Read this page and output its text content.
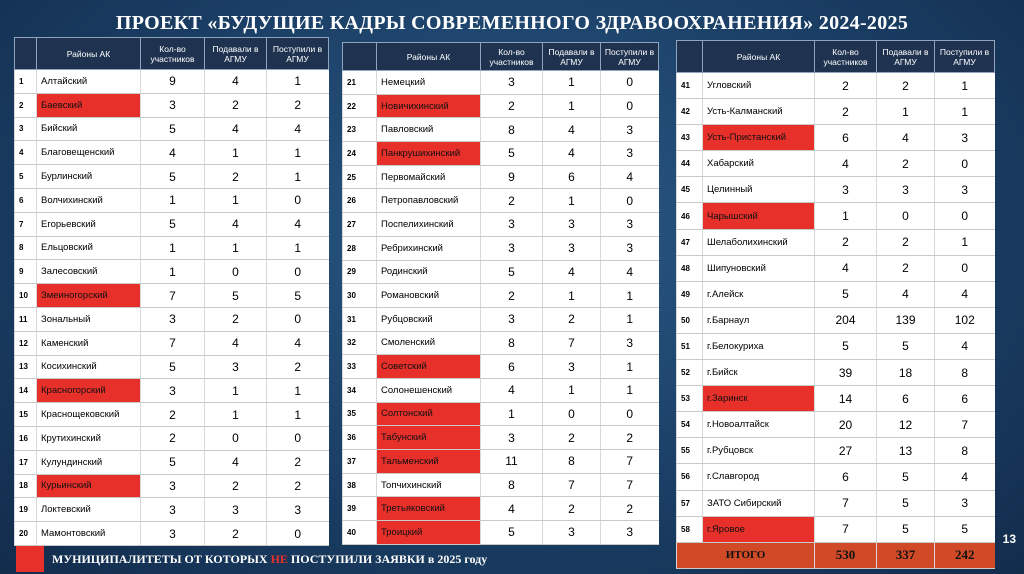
ПРОЕКТ «БУДУЩИЕ КАДРЫ СОВРЕМЕННОГО ЗДРАВООХРАНЕНИЯ» 2024-2025
	Районы АК	Кол-во участников	Подавали в АГМУ	Поступили в АГМУ
1	Алтайский	9	4	1
2	Баевский	3	2	2
3	Бийский	5	4	4
4	Благовещенский	4	1	1
5	Бурлинский	5	2	1
6	Волчихинский	1	1	0
7	Егорьевский	5	4	4
8	Ельцовский	1	1	1
9	Залесовский	1	0	0
10	Змеиногорский	7	5	5
11	Зональный	3	2	0
12	Каменский	7	4	4
13	Косихинский	5	3	2
14	Красногорский	3	1	1
15	Краснощековский	2	1	1
16	Крутихинский	2	0	0
17	Кулундинский	5	4	2
18	Курьинский	3	2	2
19	Локтевский	3	3	3
20	Мамонтовский	3	2	0
	Районы АК	Кол-во участников	Подавали в АГМУ	Поступили в АГМУ
21	Немецкий	3	1	0
22	Новичихинский	2	1	0
23	Павловский	8	4	3
24	Панкрушихинский	5	4	3
25	Первомайский	9	6	4
26	Петропавловский	2	1	0
27	Поспелихинский	3	3	3
28	Ребрихинский	3	3	3
29	Родинский	5	4	4
30	Романовский	2	1	1
31	Рубцовский	3	2	1
32	Смоленский	8	7	3
33	Советский	6	3	1
34	Солонешенский	4	1	1
35	Солтонский	1	0	0
36	Табунский	3	2	2
37	Тальменский	11	8	7
38	Топчихинский	8	7	7
39	Третьяковский	4	2	2
40	Троицкий	5	3	3
	Районы АК	Кол-во участников	Подавали в АГМУ	Поступили в АГМУ
41	Угловский	2	2	1
42	Усть-Калманский	2	1	1
43	Усть-Пристанский	6	4	3
44	Хабарский	4	2	0
45	Целинный	3	3	3
46	Чарышский	1	0	0
47	Шелаболихинский	2	2	1
48	Шипуновский	4	2	0
49	г.Алейск	5	4	4
50	г.Барнаул	204	139	102
51	г.Белокуриха	5	5	4
52	г.Бийск	39	18	8
53	г.Заринск	14	6	6
54	г.Новоалтайск	20	12	7
55	г.Рубцовск	27	13	8
56	г.Славгород	6	5	4
57	ЗАТО Сибирский	7	5	3
58	г.Яровое	7	5	5
ИТОГО		530	337	242
МУНИЦИПАЛИТЕТЫ ОТ КОТОРЫХ НЕ ПОСТУПИЛИ ЗАЯВКИ в 2025 году
13
